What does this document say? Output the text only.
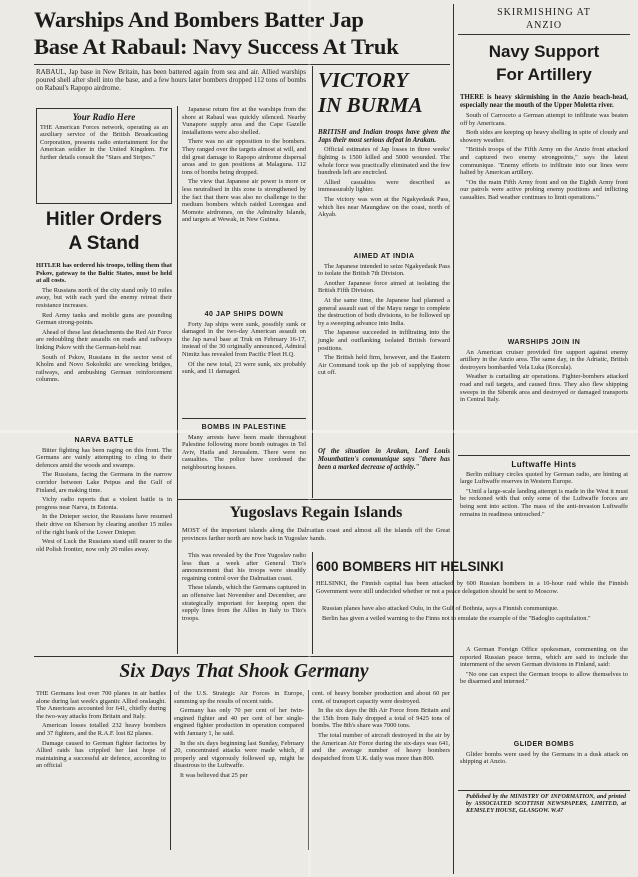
Warships And Bombers Batter Jap
Base At Rabaul: Navy Success At Truk

RABAUL, Jap base in New Britain, has been battered again from sea and air. Allied warships poured shell after shell into the base, and a few hours later bombers dropped 112 tons of bombs on Rabaul's Rapopo airdrome.

Your Radio Here
THE American Forces network, operating as an auxiliary service of the British Broadcasting Corporation, presents radio entertainment for the American soldier in the United Kingdom. For further details consult the "Stars and Stripes."
Hitler Orders
A Stand

HITLER has ordered his troops, telling them that Pskov, gateway to the Baltic States, must be held at all costs.

The Russians north of the city stand only 10 miles away, but with each yard the enemy retreat their resistance increases.

Red Army tanks and mobile guns are pounding German strong-points.

Ahead of these last detachments the Red Air Force are redoubling their assaults on roads and railways linking Pskov with the German-held rear.

South of Pskov, Russians in the sector west of Kholm and Novo Sokolniki are wrecking bridges, railways, and ambushing German reinforcement columns.

NARVA BATTLE

Bitter fighting has been raging on this front. The Germans are vainly attempting to cling to their defences amid the woods and swamps.

The Russians, facing the Germans in the narrow corridor between Lake Peipus and the Gulf of Finland, are making time.

Vichy radio reports that a violent battle is in progress near Narva, in Estonia.

In the Dnieper sector, the Russians have resumed their drive on Kherson by clearing another 15 miles of the right bank of the Lower Dnieper.

West of Luck the Russians stand still nearer to the old Polish frontier, now only 20 miles away.

Japanese return fire at the warships from the shore at Rabaul was quickly silenced. Nearby Vunapore supply area and the Cape Gazelle installations were also shelled.

There was no air opposition to the bombers. They ranged over the targets almost at will, and did great damage to Rapopo airdrome dispersal areas and to gun positions at Malaguna. 112 tons of bombs being dropped.

The view that Japanese air power is more or less neutralised in this zone is strengthened by the fact that there was also no challenge to the medium bombers which raided Lorengau and Momote airdromes, on the Admiralty Islands, and targets at Wewak, in New Guinea.

40 JAP SHIPS DOWN

Forty Jap ships were sunk, possibly sunk or damaged in the two-day American assault on the Jap naval base at Truk on February 16-17, instead of the 30 originally announced, Admiral Nimitz has revealed from Pacific Fleet H.Q.

Of the new total, 23 were sunk, six probably sunk, and 11 damaged.

BOMBS IN PALESTINE

Many arrests have been made throughout Palestine following more bomb outrages in Tel Aviv, Haifa and Jerusalem. There were no casualties. The police have cordoned the neighbouring houses.

VICTORY
IN BURMA

BRITISH and Indian troops have given the Japs their most serious defeat in Arakan.

Official estimates of Jap losses in three weeks' fighting is 1500 killed and 5000 wounded. The whole force was practically eliminated and the few hundreds left are encircled.

Allied casualties were described as immeasurably lighter.

The victory was won at the Ngakyedauk Pass, which lies near Maungdaw on the coast, north of Akyab.

AIMED AT INDIA

The Japanese intended to seize Ngakyedauk Pass to isolate the British 7th Division.

Another Japanese force aimed at isolating the British Fifth Division.

At the same time, the Japanese had planned a general assault east of the Mayu range to complete the destruction of both divisions, to be followed up by a sweeping advance into India.

The Japanese succeeded in infiltrating into the jungle and outflanking isolated British forward positions.

The British held firm, however, and the Eastern Air Command took up the job of supplying those cut off.

Of the situation in Arakan, Lord Louis Mountbatten's communique says "there has been a marked decrease of activity."

SKIRMISHING AT
ANZIO
Navy Support
For Artillery

THERE is heavy skirmishing in the Anzio beach-head, especially near the mouth of the Upper Moletta river.

South of Carroceto a German attempt to infiltrate was beaten off by Americans.

Both sides are keeping up heavy shelling in spite of cloudy and showery weather.

"British troops of the Fifth Army on the Anzio front attacked and captured two enemy strongpoints," says the latest communique. "Enemy efforts to infiltrate into our lines were halted by American artillery.

"On the main Fifth Army front and on the Eighth Army front our patrols were active probing enemy positions and inflicting casualties. Bad weather continues to limit operations."

WARSHIPS JOIN IN

An American cruiser provided fire support against enemy artillery in the Anzio area. The same day, in the Adriatic, British destroyers bombarded Vela Luka (Korcula).

Weather is curtailing air operations. Fighter-bombers attacked road and rail targets, and caused fires. They also flew shipping sweeps in the Sibenik area and destroyed or damaged transports in Central Italy.

Luftwaffe Hints

Berlin military circles quoted by German radio, are hinting at large Luftwaffe reserves in Western Europe.

"Until a large-scale landing attempt is made in the West it must be reckoned with that only some of the Luftwaffe forces are being sent into action. The mass of the anti-invasion Luftwaffe remains in readiness untouched."

Yugoslavs Regain Islands

MOST of the important islands along the Dalmatian coast and almost all the islands off the Great provinces farther north are now back in Yugoslav hands.

This was revealed by the Free Yugoslav radio less than a week after General Tito's announcement that his troops were steadily regaining control over the Dalmatian coast.

These islands, which the Germans captured in an offensive last November and December, are strategically important for keeping open the supply lines from the Allies in Italy to Tito's troops.

600 BOMBERS HIT HELSINKI

HELSINKI, the Finnish capital has been attacked by 600 Russian bombers in a 10-hour raid while the Finnish Government were still undecided whether or not a peace delegation should be sent to Moscow.

Russian planes have also attacked Oulu, in the Gulf of Bothnia, says a Finnish communique.

Berlin has given a veiled warning to the Finns not to emulate the example of the "Badoglio capitulation."

A German Foreign Office spokesman, commenting on the reported Russian peace terms, which are said to include the internment of the seven German divisions in Finland, said:

"No one can expect the German troops to allow themselves to be disarmed and interned."

GLIDER BOMBS

Glider bombs were used by the Germans in a dusk attack on shipping at Anzio.

Published by the MINISTRY OF INFORMATION, and printed by ASSOCIATED SCOTTISH NEWSPAPERS, LIMITED, at KEMSLEY HOUSE, GLASGOW. W.47

Six Days That Shook Germany

THE Germans lost over 700 planes in air battles alone during last week's gigantic Allied onslaught. The Americans accounted for 641, chiefly during the two-way attacks from Britain and Italy.

American losses totalled 232 heavy bombers and 37 fighters, and the R.A.F. lost 82 planes.

Damage caused to German fighter factories by Allied raids has crippled her last hope of maintaining a successful air defence, according to an official

of the U.S. Strategic Air Forces in Europe, summing up the results of recent raids.

Germany has only 70 per cent of her twin-engined fighter and 40 per cent of her single-engined fighter production in operation compared with January 1, he said.

In the six days beginning last Sunday, February 20, concentrated attacks were made which, if properly and vigorously followed up, might be disastrous to the Luftwaffe.

It was believed that 25 per

cent. of heavy bomber production and about 60 per cent. of transport capacity were destroyed.

In the six days the 8th Air Force from Britain and the 15th from Italy dropped a total of 9425 tons of bombs. The 8th's share was 7000 tons.

The total number of aircraft destroyed in the air by the American Air Force during the six-days was 641, and the average number of heavy bombers despatched from U.K. daily was more than 800.
